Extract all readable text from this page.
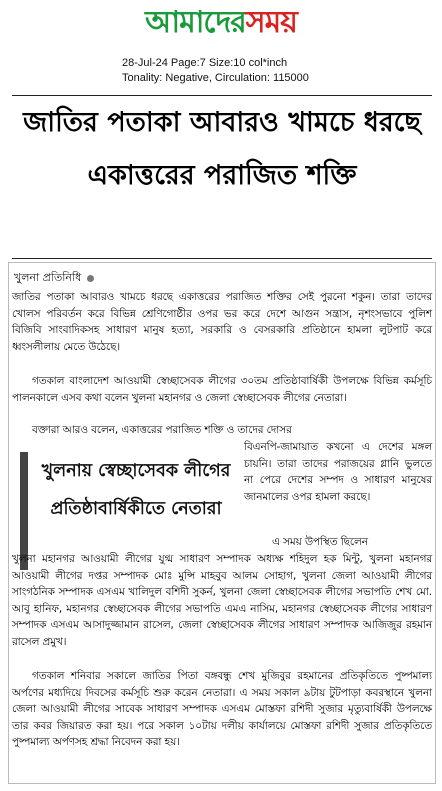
আমাদেরসময়
28-Jul-24 Page:7 Size:10 col*inch
Tonality: Negative, Circulation: 115000
জাতির পতাকা আবারও খামচে ধরছে একাত্তরের পরাজিত শক্তি
খুলনা প্রতিনিধি

জাতির পতাকা আবারও খামচে ধরছে একাত্তরের পরাজিত শক্তির সেই পুরনো শকুন। তারা তাদের খোলস পরিবর্তন করে বিভিন্ন শ্রেণিগোষ্ঠীর ওপর ভর করে দেশে আগুন সন্ত্রাস, নৃশংসভাবে পুলিশ বিজিবি সাংবাদিকসহ সাধারণ মানুষ হত্যা, সরকারি ও বেসরকারি প্রতিষ্ঠানে হামলা লুটপাট করে ধ্বংসলীলায় মেতে উঠেছে।

গতকাল বাংলাদেশ আওয়ামী স্বেচ্ছাসেবক লীগের ৩০তম প্রতিষ্ঠাবার্ষিকী উপলক্ষে বিভিন্ন কর্মসূচি পালনকালে এসব কথা বলেন খুলনা মহানগর ও জেলা স্বেচ্ছাসেবক লীগের নেতারা।

বক্তারা আরও বলেন, একাত্তরের পরাজিত শক্তি ও তাদের দোসর

খুলনায় স্বেচ্ছাসেবক লীগের প্রতিষ্ঠাবার্ষিকীতে নেতারা

বিএনপি-জামায়াত কখনো এ দেশের মঙ্গল চায়নি। তারা তাদের পরাজয়ের গ্লানি ভুলতে না পেরে দেশের সম্পদ ও সাধারণ মানুষের জানমালের ওপর হামলা করছে।

এ সময় উপস্থিত ছিলেন

খুলনা মহানগর আওয়ামী লীগের যুগ্ম সাধারণ সম্পাদক অধ্যক্ষ শহিদুল হক মিন্টু, খুলনা মহানগর আওয়ামী লীগের দপ্তর সম্পাদক মোঃ মুন্সি মাহবুব আলম সোহাগ, খুলনা জেলা আওয়ামী লীগের সাংগঠনিক সম্পাদক এসএম খালিদুল বশিদী সুকর্ন, খুলনা জেলা স্বেচ্ছাসেবক লীগের সভাপতি শেখ মো. আবু হানিফ, মহানগর স্বেচ্ছাসেবক লীগের সভাপতি এমএ নাসিম, মহানগর স্বেচ্ছাসেবক লীগের সাধারণ সম্পাদক এসএম আসাদুজ্জামান রাসেল, জেলা স্বেচ্ছাসেবক লীগের সাধারণ সম্পাদক আজিজুর রহমান রাসেল প্রমুখ।

গতকাল শনিবার সকালে জাতির পিতা বঙ্গবন্ধু শেখ মুজিবুর রহমানের প্রতিকৃতিতে পুষ্পমাল্য অর্পণের মধ্যদিয়ে দিবসের কর্মসূচি শুরু করেন নেতারা। এ সময় সকাল ৯টায় টুটপাড়া কবরস্থানে খুলনা জেলা আওয়ামী লীগের সাবেক সাধারণ সম্পাদক এসএম মোস্তফা রশিদী সুজার মৃত্যুবার্ষিকী উপলক্ষে তার কবর জিয়ারত করা হয়। পরে সকাল ১০টায় দলীয় কার্যালয়ে মোস্তফা রশিদী সুজার প্রতিকৃতিতে পুষ্পমাল্য অর্পণসহ শ্রদ্ধা নিবেদন করা হয়।
